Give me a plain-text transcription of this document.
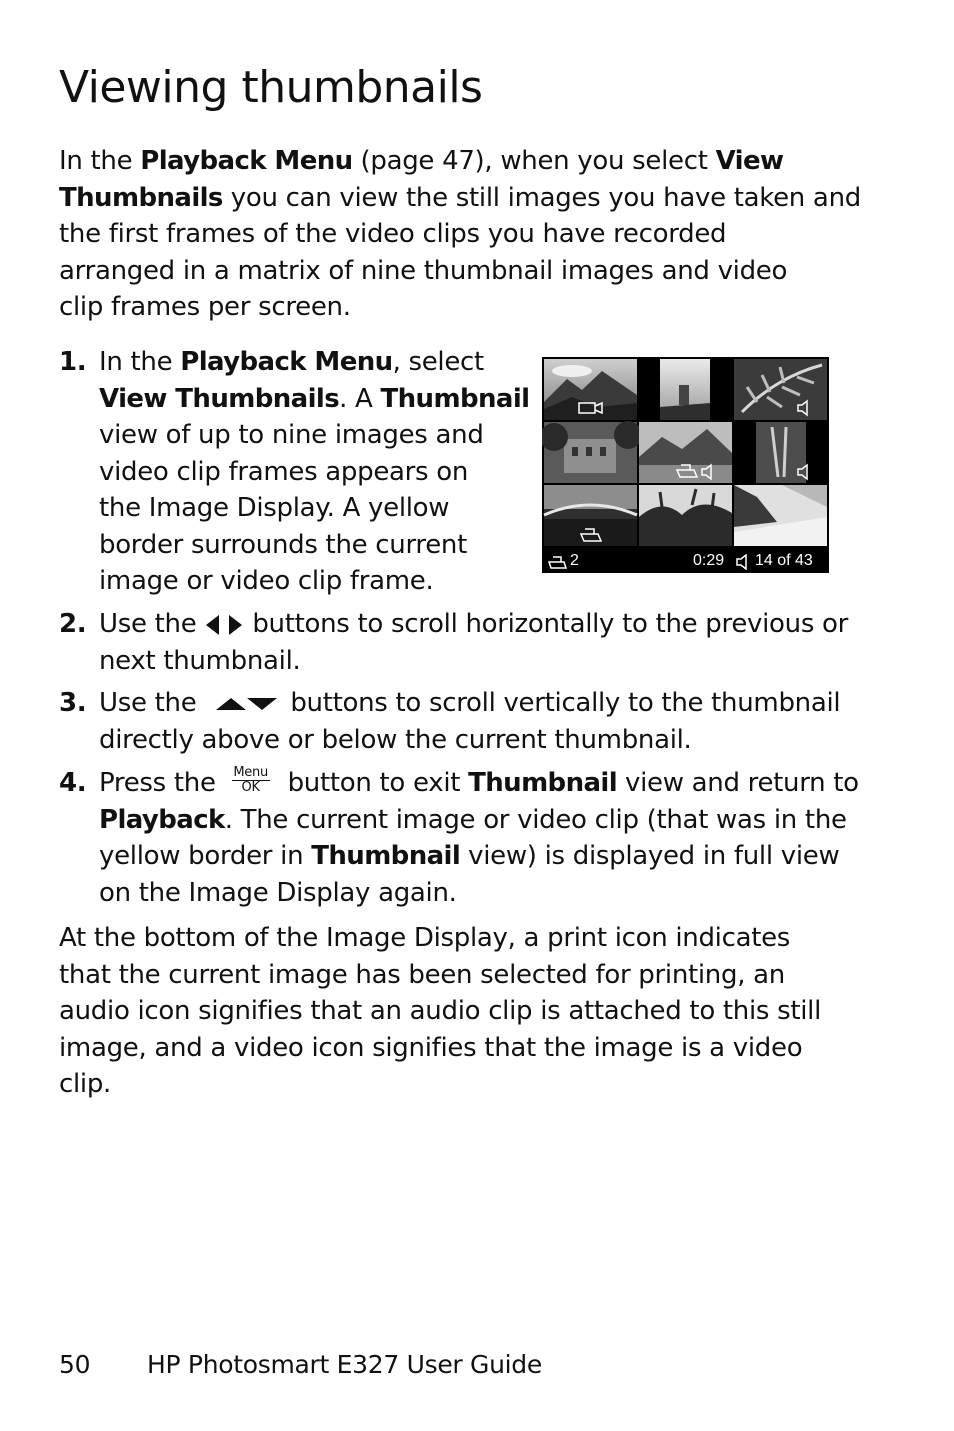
Viewing thumbnails
In the Playback Menu (page 47), when you select View
Thumbnails you can view the still images you have taken and
the first frames of the video clips you have recorded
arranged in a matrix of nine thumbnail images and video
clip frames per screen.
1. In the Playback Menu, select
View Thumbnails. A Thumbnail
view of up to nine images and
video clip frames appears on
the Image Display. A yellow
border surrounds the current
image or video clip frame.
2	0:29 14 of 43
2. Use the  buttons to scroll horizontally to the previous or
next thumbnail.
3. Use the	buttons to scroll vertically to the thumbnail
directly above or below the current thumbnail.
4. Press the Menu
OK button to exit Thumbnail view and return to
Playback. The current image or video clip (that was in the
yellow border in Thumbnail view) is displayed in full view
on the Image Display again.
At the bottom of the Image Display, a print icon indicates
that the current image has been selected for printing, an
audio icon signifies that an audio clip is attached to this still
image, and a video icon signifies that the image is a video
clip.
50 HP Photosmart E327 User Guide
